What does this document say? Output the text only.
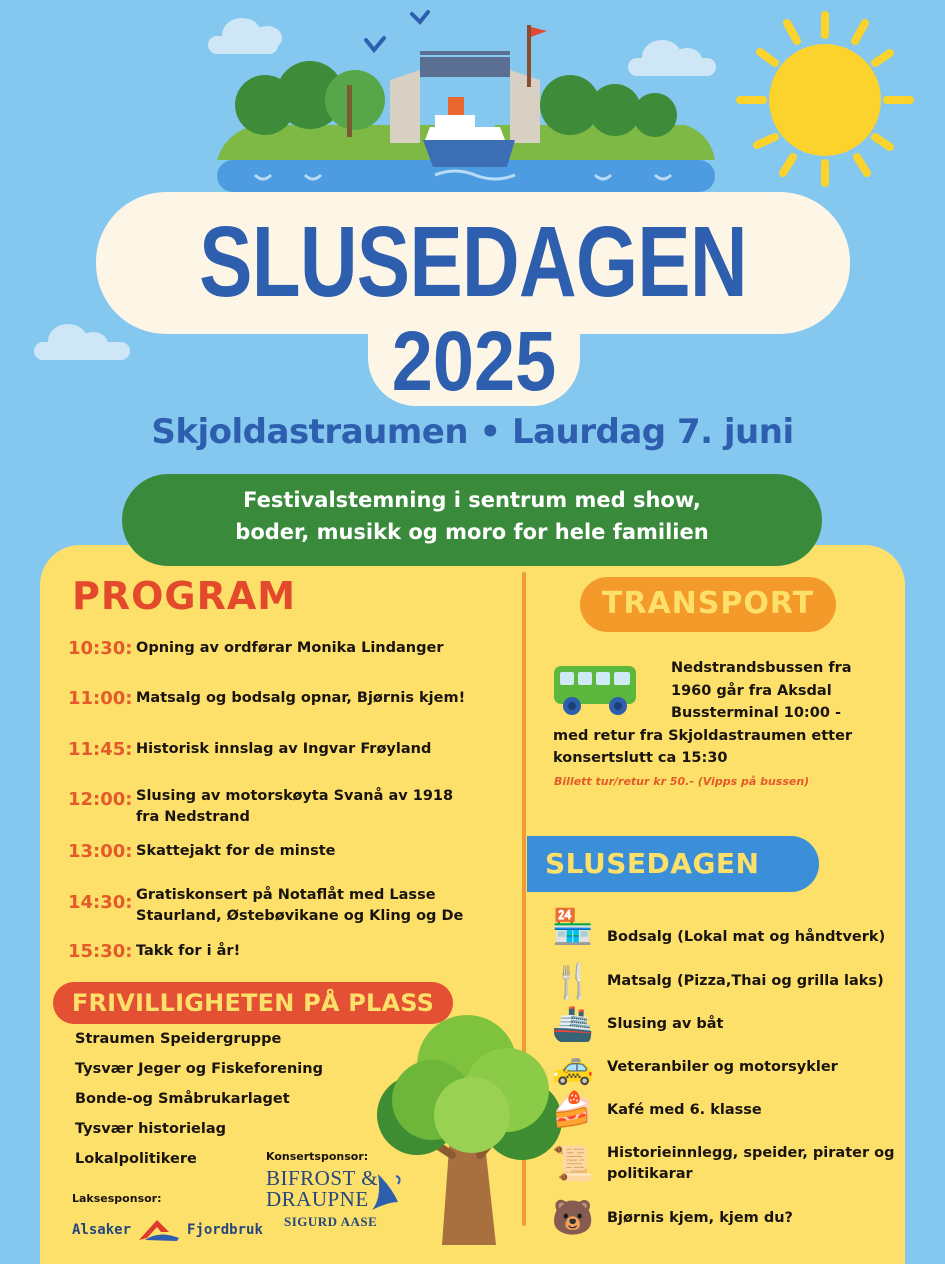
SLUSEDAGEN
2025
Skjoldastraumen • Laurdag 7. juni
Festivalstemning i sentrum med show,
boder, musikk og moro for hele familien
PROGRAM
10:30: Opning av ordførar Monika Lindanger
11:00: Matsalg og bodsalg opnar, Bjørnis kjem!
11:45: Historisk innslag av Ingvar Frøyland
12:00: Slusing av motorskøyta Svanå av 1918 fra Nedstrand
13:00: Skattejakt for de minste
14:30: Gratiskonsert på Notaflåt med Lasse Staurland, Østebøvikane og Kling og De
15:30: Takk for i år!
FRIVILLIGHETEN PÅ PLASS
Straumen Speidergruppe
Tysvær Jeger og Fiskeforening
Bonde-og Småbrukarlaget
Tysvær historielag
Lokalpolitikere
Laksesponsor:
Alsaker	Fjordbruk
Konsertsponsor:
BIFROST &
DRAUPNE
SIGURD AASE
TRANSPORT
Nedstrandsbussen fra
1960 går fra Aksdal
Bussterminal 10:00 -
med retur fra Skjoldastraumen etter
konsertslutt ca 15:30
Billett tur/retur kr 50.- (Vipps på bussen)
SLUSEDAGEN
🏪 Bodsalg (Lokal mat og håndtverk)
🍴 Matsalg (Pizza,Thai og grilla laks)
🚢 Slusing av båt
🚕 Veteranbiler og motorsykler
🍰 Kafé med 6. klasse
📜 Historieinnlegg, speider, pirater og politikarar
🐻 Bjørnis kjem, kjem du?
